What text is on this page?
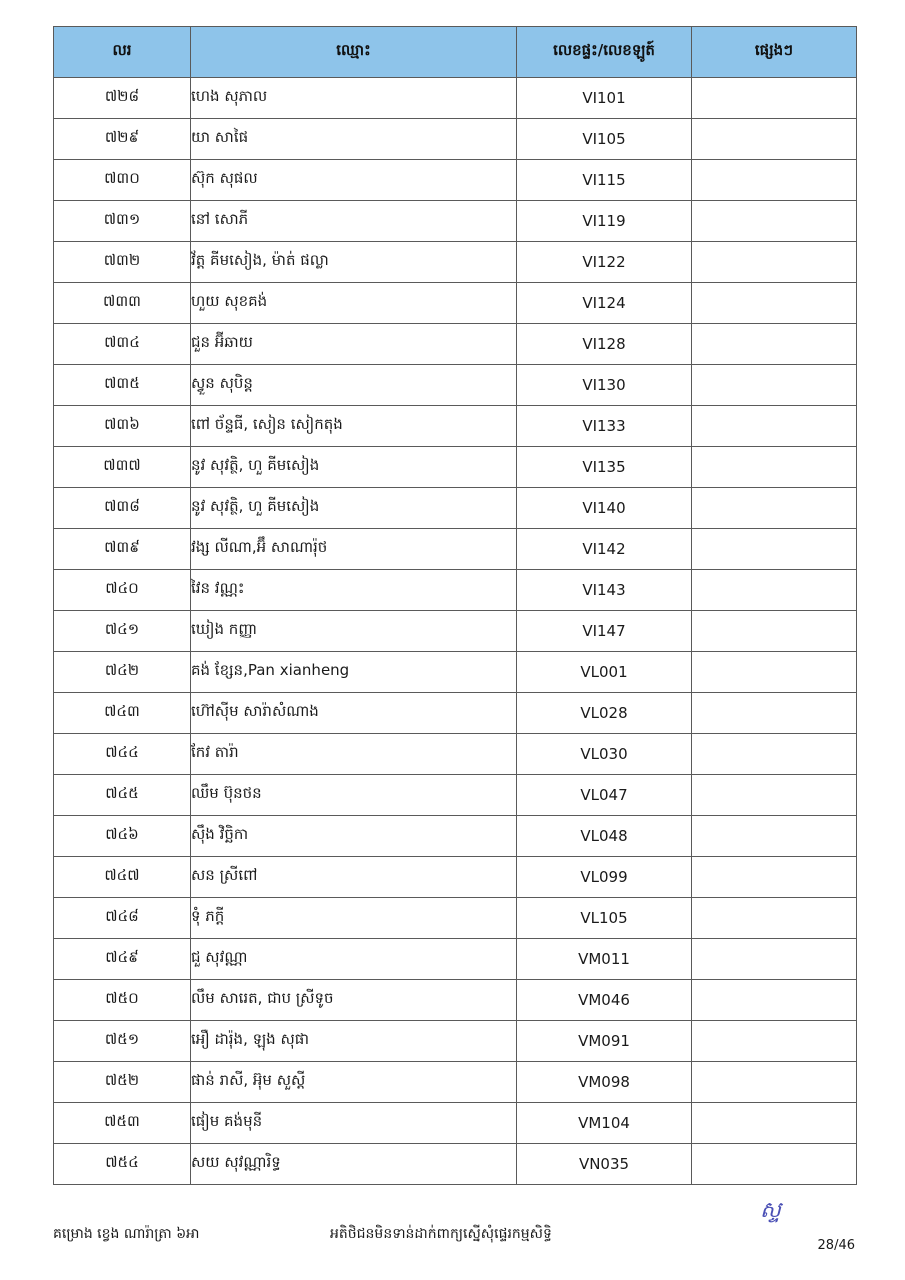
លរ	ឈ្មោះ	លេខផ្ទះ/លេខឡូត៍	ផ្សេងៗ
៧២៨	ហេង សុភាល	VI101	
៧២៩	យា សាផៃ	VI105	
៧៣០	ស៊ុក សុផល	VI115	
៧៣១	នៅ សោភី	VI119	
៧៣២	វ័ត្ត គីមសៀង, ម៉ាត់ ផល្លា	VI122	
៧៣៣	ហួយ សុខគង់	VI124	
៧៣៤	ជួន អ៊ីឆាយ	VI128	
៧៣៥	ស្វួន សុបិន្ត	VI130	
៧៣៦	ពៅ ច័ន្ទធី, សៀន សៀកតុង	VI133	
៧៣៧	នូវ សុវត្ថិ, ហួ គីមសៀង	VI135	
៧៣៨	នូវ សុវត្ថិ, ហួ គីមសៀង	VI140	
៧៣៩	វង្ស លីណា,អ៊ឹ សាណារ៉ុថ	VI142	
៧៤០	វៃន វណ្ណះ	VI143	
៧៤១	ឃៀង កញ្ញា	VI147	
៧៤២	គង់ ខ្សែន,Pan xianheng	VL001	
៧៤៣	ហ៊ៅស៊ីម សារ៉ាសំណាង	VL028	
៧៤៤	កែវ តារ៉ា	VL030	
៧៤៥	ឈឹម ប៊ុនថន	VL047	
៧៤៦	ស៊ឹង វិច្ឆិកា	VL048	
៧៤៧	សន ស្រីពៅ	VL099	
៧៤៨	ទុំ ភក្តី	VL105	
៧៤៩	ជួ សុវណ្ណា	VM011	
៧៥០	លឹម សារេត, ជាប ស្រីទូច	VM046	
៧៥១	អឿ ដារ៉ុង, ឡុង សុផា	VM091	
៧៥២	ផាន់ រាសី, អ៊ុម សួស្តី	VM098	
៧៥៣	ផៀម គង់មុនី	VM104	
៧៥៤	សយ សុវណ្ណារិទ្ធ	VN035	
ស្ទ
គម្រោង ខ្វេង ណារ៉ាត្រា ៦អា	អតិថិជនមិនទាន់ដាក់ពាក្យស្នើសុំផ្ទេរកម្មសិទ្ធិ
28/46
